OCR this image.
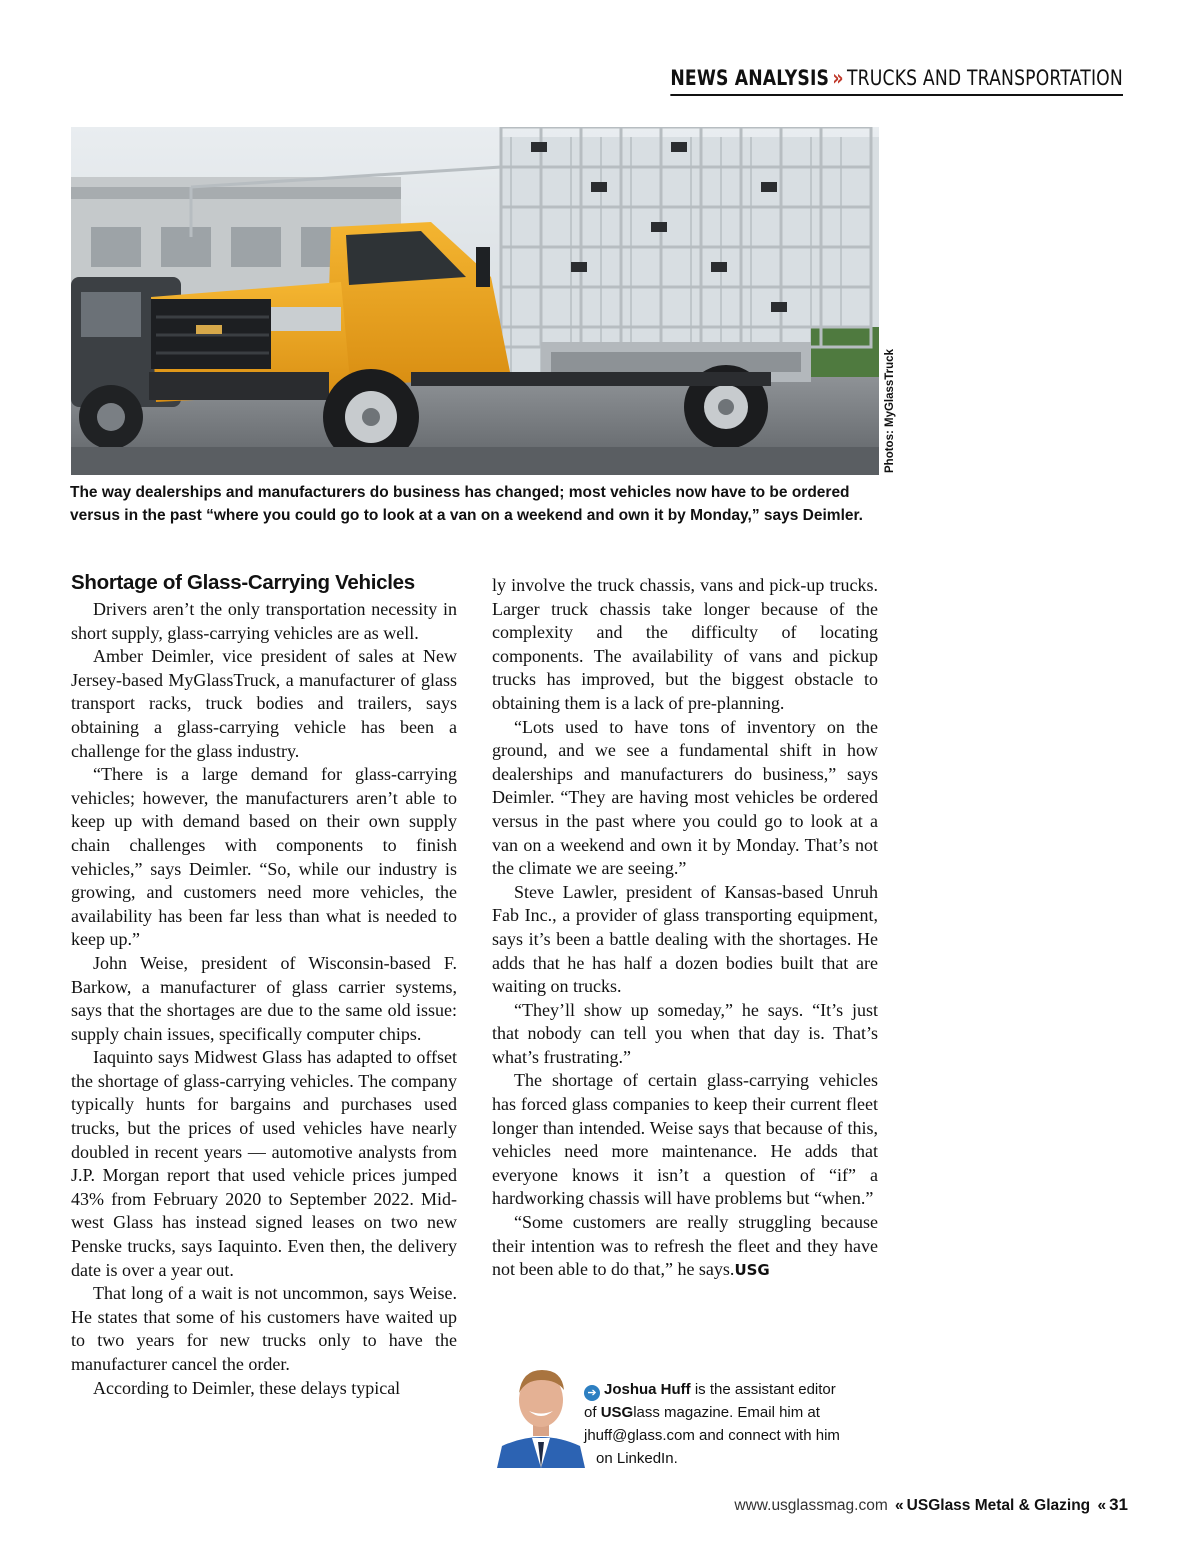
NEWS ANALYSIS » TRUCKS AND TRANSPORTATION
Photos: MyGlassTruck
The way dealerships and manufacturers do business has changed; most vehicles now have to be ordered versus in the past “where you could go to look at a van on a weekend and own it by Monday,” says Deimler.
Shortage of Glass-Carrying Vehicles

Drivers aren’t the only transportation necessity in short supply, glass-carrying vehicles are as well.

Amber Deimler, vice president of sales at New Jersey-based MyGlassTruck, a manufacturer of glass transport racks, truck bodies and trailers, says obtaining a glass-carrying vehicle has been a challenge for the glass industry.

“There is a large demand for glass-carrying vehicles; however, the manufacturers aren’t able to keep up with demand based on their own supply chain challenges with components to finish vehicles,” says Deimler. “So, while our industry is growing, and customers need more vehicles, the availability has been far less than what is needed to keep up.”

John Weise, president of Wisconsin-based F. Barkow, a manufacturer of glass carrier systems, says that the shortages are due to the same old issue: supply chain issues, specifically computer chips.

Iaquinto says Midwest Glass has adapted to offset the shortage of glass-carrying vehicles. The company typically hunts for bargains and purchases used trucks, but the prices of used vehicles have nearly doubled in recent years — automotive analysts from J.P. Morgan report that used vehicle prices jumped 43% from February 2020 to September 2022. Midwest Glass has instead signed leases on two new Penske trucks, says Iaquinto. Even then, the delivery date is over a year out.

That long of a wait is not uncommon, says Weise. He states that some of his customers have waited up to two years for new trucks only to have the manufacturer cancel the order.

According to Deimler, these delays typical

ly involve the truck chassis, vans and pick-up trucks. Larger truck chassis take longer because of the complexity and the difficulty of locating components. The availability of vans and pickup trucks has improved, but the biggest obstacle to obtaining them is a lack of pre-planning.

“Lots used to have tons of inventory on the ground, and we see a fundamental shift in how dealerships and manufacturers do business,” says Deimler. “They are having most vehicles be ordered versus in the past where you could go to look at a van on a weekend and own it by Monday. That’s not the climate we are seeing.”

Steve Lawler, president of Kansas-based Unruh Fab Inc., a provider of glass transporting equipment, says it’s been a battle dealing with the shortages. He adds that he has half a dozen bodies built that are waiting on trucks.

“They’ll show up someday,” he says. “It’s just that nobody can tell you when that day is. That’s what’s frustrating.”

The shortage of certain glass-carrying vehicles has forced glass companies to keep their current fleet longer than intended. Weise says that because of this, vehicles need more maintenance. He adds that everyone knows it isn’t a question of “if” a hardworking chassis will have problems but “when.”

“Some customers are really struggling because their intention was to refresh the fleet and they have not been able to do that,” he says.USG

➔ Joshua Huff is the assistant editor
of USGlass magazine. Email him at
jhuff@glass.com and connect with him
on LinkedIn.
www.usglassmag.com « USGlass Metal & Glazing « 31
